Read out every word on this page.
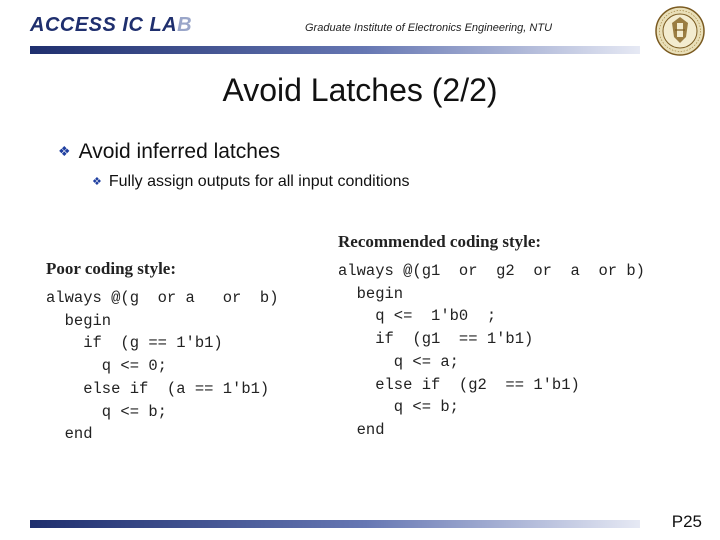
ACCESS IC LAB	Graduate Institute of Electronics Engineering, NTU
Avoid Latches (2/2)
❖ Avoid inferred latches
❖ Fully assign outputs for all input conditions
Recommended coding style:
always @(g1  or  g2  or  a  or b)
begin
q <=  1'b0  ;
if  (g1  == 1'b1)
q <= a;
else if  (g2  == 1'b1)
q <= b;
end
Poor coding style:
always @(g  or a   or  b)
begin
if  (g == 1'b1)
q <= 0;
else if  (a == 1'b1)
q <= b;
end
P25
